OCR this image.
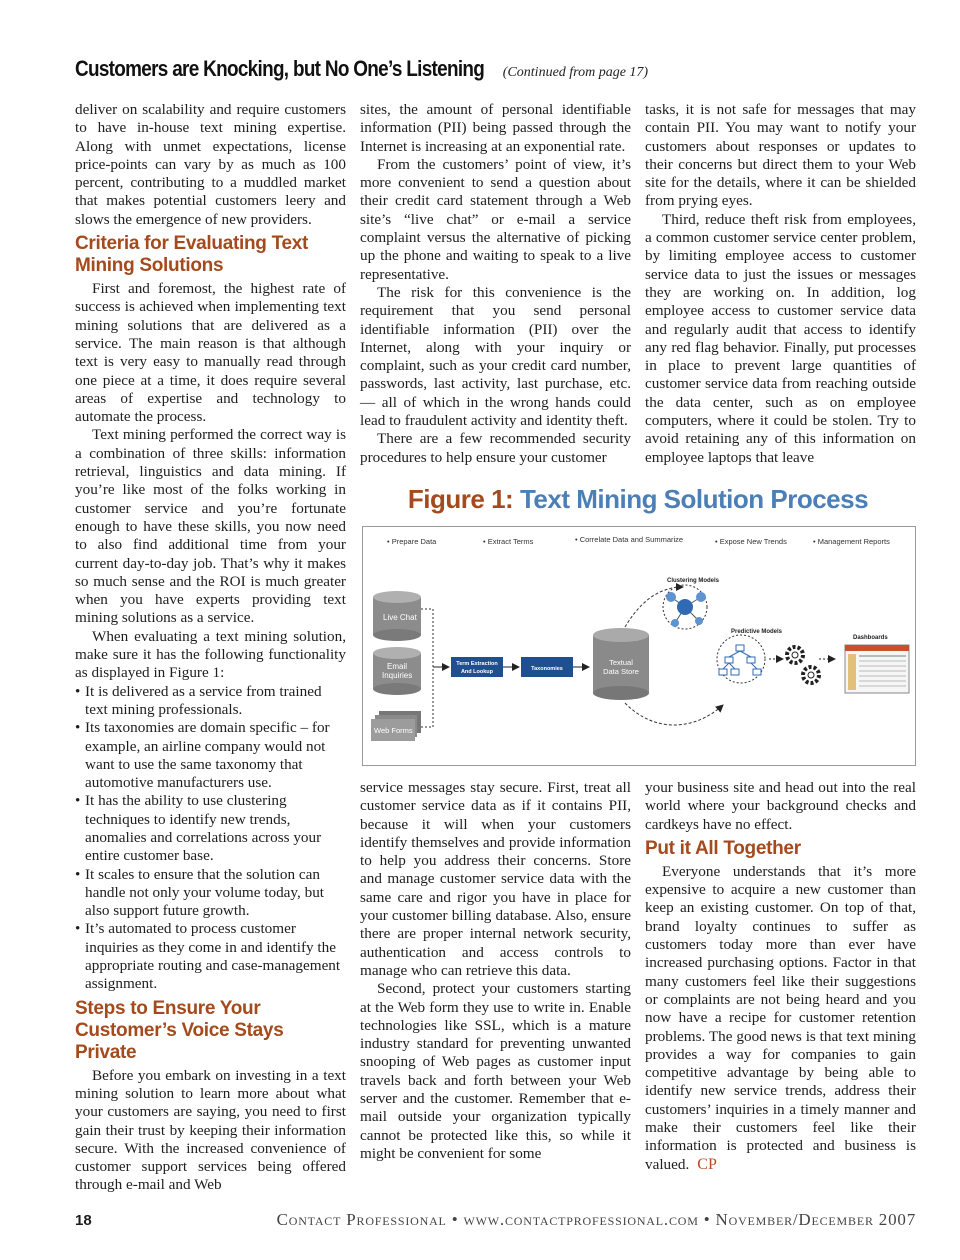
Customers are Knocking, but No One’s Listening (Continued from page 17)

deliver on scalability and require customers to have in-house text mining expertise. Along with unmet expectations, license price-points can vary by as much as 100 percent, contributing to a muddled market that makes potential customers leery and slows the emergence of new providers.

Criteria for Evaluating Text
Mining Solutions

First and foremost, the highest rate of success is achieved when implementing text mining solutions that are delivered as a service. The main reason is that although text is very easy to manually read through one piece at a time, it does require several areas of expertise and technology to automate the process.

Text mining performed the correct way is a combination of three skills: information retrieval, linguistics and data mining. If you’re like most of the folks working in customer service and you’re fortunate enough to have these skills, you now need to also find additional time from your current day-to-day job. That’s why it makes so much sense and the ROI is much greater when you have experts providing text mining solutions as a service.

When evaluating a text mining solution, make sure it has the following functionality as displayed in Figure 1:

• It is delivered as a service from trained text mining professionals.
• Its taxonomies are domain specific – for example, an airline company would not want to use the same taxonomy that automotive manufacturers use.
• It has the ability to use clustering techniques to identify new trends, anomalies and correlations across your entire customer base.
• It scales to ensure that the solution can handle not only your volume today, but also support future growth.
• It’s automated to process customer inquiries as they come in and identify the appropriate routing and case-management assignment.
Steps to Ensure Your
Customer’s Voice Stays Private

Before you embark on investing in a text mining solution to learn more about what your customers are saying, you need to first gain their trust by keeping their information secure. With the increased convenience of customer support services being offered through e-mail and Web

sites, the amount of personal identifiable information (PII) being passed through the Internet is increasing at an exponential rate.

From the customers’ point of view, it’s more convenient to send a question about their credit card statement through a Web site’s “live chat” or e-mail a service complaint versus the alternative of picking up the phone and waiting to speak to a live representative.

The risk for this convenience is the requirement that you send personal identifiable information (PII) over the Internet, along with your inquiry or complaint, such as your credit card number, passwords, last activity, last purchase, etc. — all of which in the wrong hands could lead to fraudulent activity and identity theft.

There are a few recommended security procedures to help ensure your customer

tasks, it is not safe for messages that may contain PII. You may want to notify your customers about responses or updates to their concerns but direct them to your Web site for the details, where it can be shielded from prying eyes.

Third, reduce theft risk from employees, a common customer service center problem, by limiting employee access to customer service data to just the issues or messages they are working on. In addition, log employee access to customer service data and regularly audit that access to identify any red flag behavior. Finally, put processes in place to prevent large quantities of customer service data from reaching outside the data center, such as on employee computers, where it could be stolen. Try to avoid retaining any of this information on employee laptops that leave

Figure 1: Text Mining Solution Process
• Prepare Data	• Extract Terms	• Correlate Data and Summarize	• Expose New Trends	• Management Reports
Live Chat
Email
Inquiries
Web Forms
Term Extraction
And Lookup	Taxonomies
Textual
Data Store
Clustering Models
Predictive Models
Dashboards

service messages stay secure. First, treat all customer service data as if it contains PII, because it will when your customers identify themselves and provide information to help you address their concerns. Store and manage customer service data with the same care and rigor you have in place for your customer billing database. Also, ensure there are proper internal network security, authentication and access controls to manage who can retrieve this data.

Second, protect your customers starting at the Web form they use to write in. Enable technologies like SSL, which is a mature industry standard for preventing unwanted snooping of Web pages as customer input travels back and forth between your Web server and the customer. Remember that e-mail outside your organization typically cannot be protected like this, so while it might be convenient for some

your business site and head out into the real world where your background checks and cardkeys have no effect.

Put it All Together

Everyone understands that it’s more expensive to acquire a new customer than keep an existing customer. On top of that, brand loyalty continues to suffer as customers today more than ever have increased purchasing options. Factor in that many customers feel like their suggestions or complaints are not being heard and you now have a recipe for customer retention problems. The good news is that text mining provides a way for companies to gain competitive advantage by being able to identify new service trends, address their customers’ inquiries in a timely manner and make their customers feel like their information is protected and business is valued. CP

18	Contact Professional • www.contactprofessional.com • November/December 2007
